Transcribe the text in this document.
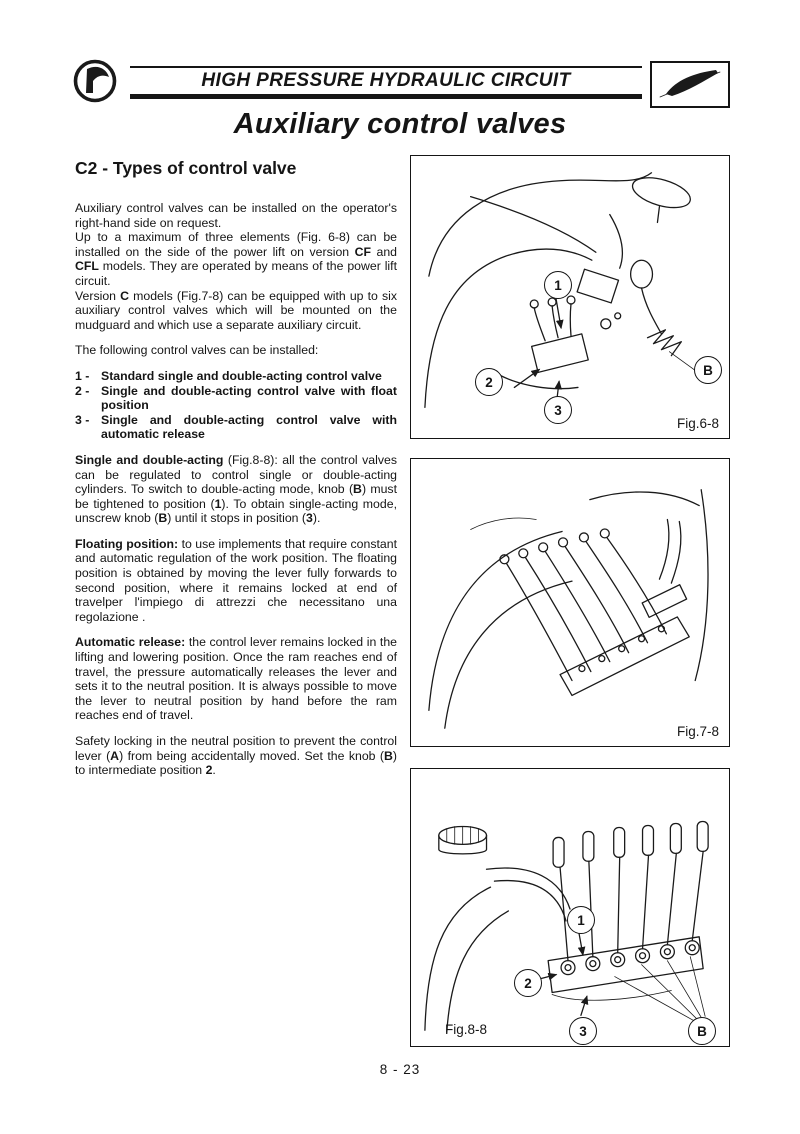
HIGH PRESSURE HYDRAULIC CIRCUIT
Auxiliary control valves
C2 - Types of control valve

Auxiliary control valves can be installed on the operator's right-hand side on request.

Up to a maximum of three elements (Fig. 6-8) can be installed on the side of the power lift on version CF and CFL models. They are operated by means of the power lift circuit.

Version C models (Fig.7-8) can be equipped with up to six auxiliary control valves which will be mounted on the mudguard and which use a separate auxiliary circuit.

The following control valves can be installed:

1 - Standard single and double-acting control valve
2 - Single and double-acting control valve with float position
3 - Single and double-acting control valve with automatic release

Single and double-acting (Fig.8-8): all the control valves can be regulated to control single or double-acting cylinders. To switch to double-acting mode, knob (B) must be tightened to position (1). To obtain single-acting mode, unscrew knob (B) until it stops in position (3).

Floating position: to use implements that require constant and automatic regulation of the work position. The floating position is obtained by moving the lever fully forwards to second position, where it remains locked at end of travelper l'impiego di attrezzi che necessitano una regolazione .

Automatic release: the control lever remains locked in the lifting and lowering position. Once the ram reaches end of travel, the pressure automatically releases the lever and sets it to the neutral position. It is always possible to move the lever to neutral position by hand before the ram reaches end of travel.

Safety locking in the neutral position to prevent the control lever (A) from being accidentally moved. Set the knob (B) to intermediate position 2.

1
2
3
B
Fig.6-8
Fig.7-8
1
2
3	B
Fig.8-8
8 - 23
